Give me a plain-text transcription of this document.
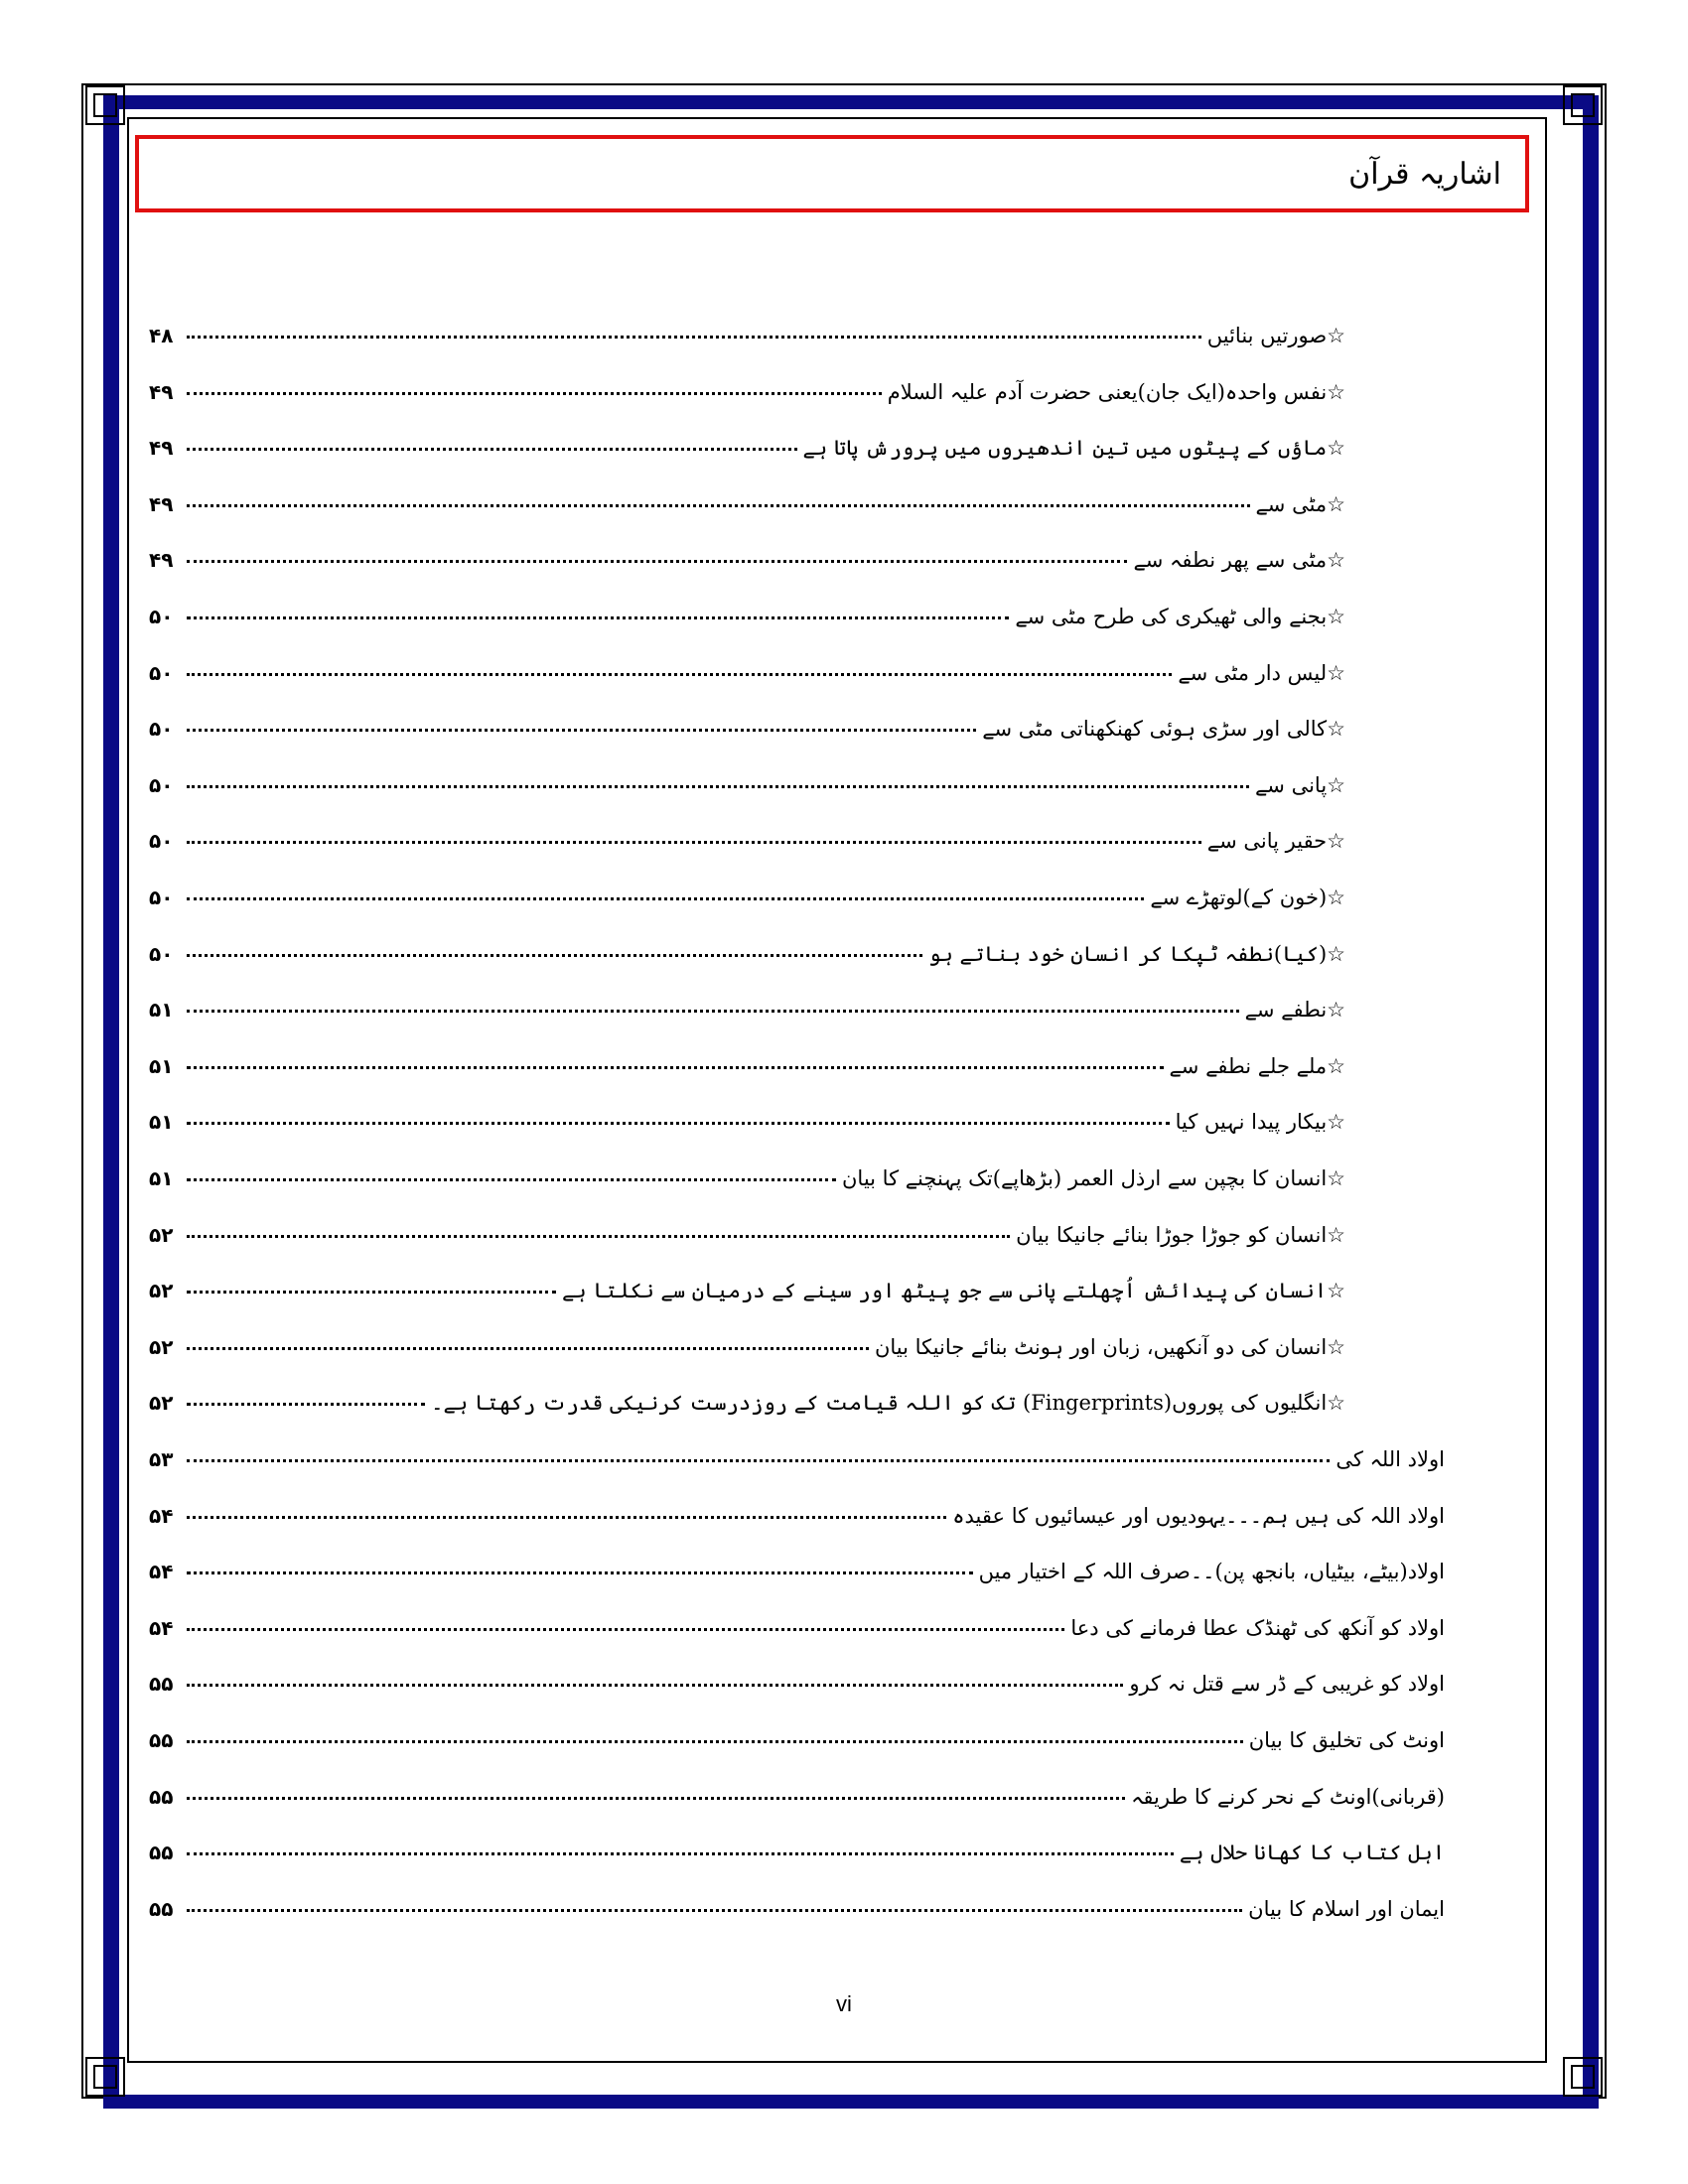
اشاریہ قرآن
۴۸	☆صورتیں بنائیں
۴۹	☆نفس واحدہ(ایک جان)یعنی حضرت آدم علیہ السلام
۴۹	☆ماؤں کے پیٹوں میں تین اندھیروں میں پرورش پاتا ہے
۴۹	☆مٹی سے
۴۹	☆مٹی سے پھر نطفہ سے
۵۰	☆بجنے والی ٹھیکری کی طرح مٹی سے
۵۰	☆لیس دار مٹی سے
۵۰	☆کالی اور سڑی ہوئی کھنکھناتی مٹی سے
۵۰	☆پانی سے
۵۰	☆حقیر پانی سے
۵۰	☆(خون کے)لوتھڑے سے
۵۰	☆(کیا)نطفہ ٹپکا کر انسان خود بناتے ہو
۵۱	☆نطفے سے
۵۱	☆ملے جلے نطفے سے
۵۱	☆بیکار پیدا نہیں کیا
۵۱	☆انسان کا بچپن سے ارذل العمر (بڑھاپے)تک پہنچنے کا بیان
۵۲	☆انسان کو جوڑا جوڑا بنائے جانیکا بیان
۵۲	☆انسان کی پیدائش اُچھلتے پانی سے جو پیٹھ اور سینے کے درمیان سے نکلتا ہے
۵۲	☆انسان کی دو آنکھیں، زبان اور ہونٹ بنائے جانیکا بیان
۵۲	☆انگلیوں کی پوروں(Fingerprints) تک کو اللہ قیامت کے روزدرست کرنیکی قدرت رکھتا ہے۔
۵۳	اولاد اللہ کی
۵۴	اولاد اللہ کی ہیں ہم۔۔۔یہودیوں اور عیسائیوں کا عقیدہ
۵۴	اولاد(بیٹے، بیٹیاں، بانجھ پن)۔۔صرف اللہ کے اختیار میں
۵۴	اولاد کو آنکھ کی ٹھنڈک عطا فرمانے کی دعا
۵۵	اولاد کو غریبی کے ڈر سے قتل نہ کرو
۵۵	اونٹ کی تخلیق کا بیان
۵۵	(قربانی)اونٹ کے نحر کرنے کا طریقہ
۵۵	اہل کتاب کا کھانا حلال ہے
۵۵	ایمان اور اسلام کا بیان
vi
